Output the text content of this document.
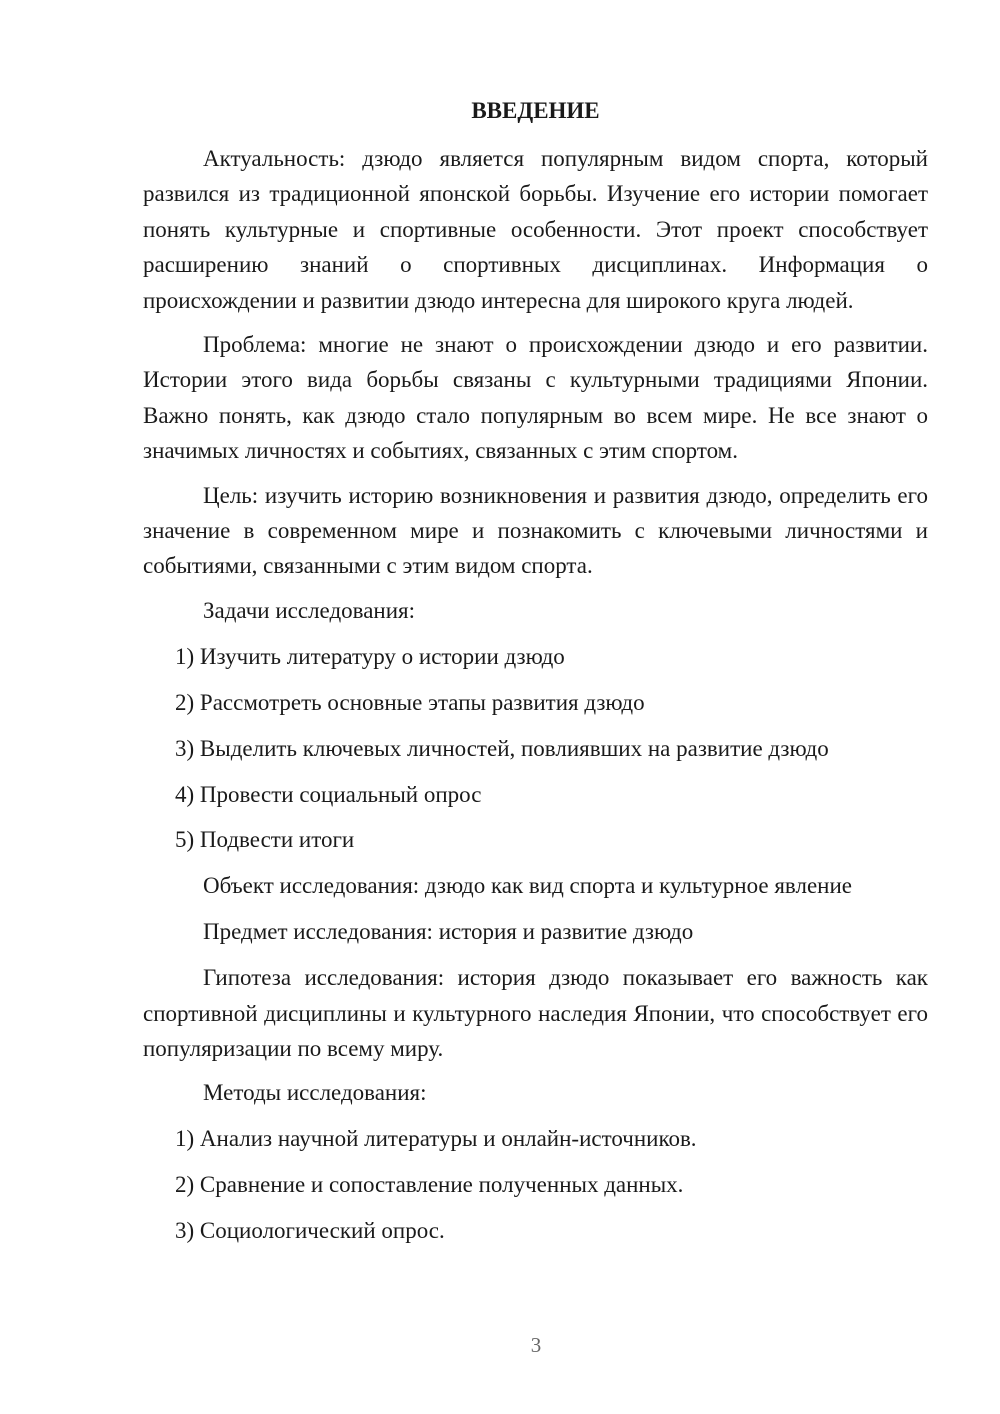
ВВЕДЕНИЕ

Актуальность: дзюдо является популярным видом спорта, который развился из традиционной японской борьбы. Изучение его истории помогает понять культурные и спортивные особенности. Этот проект способствует расширению знаний о спортивных дисциплинах. Информация о происхождении и развитии дзюдо интересна для широкого круга людей.

Проблема: многие не знают о происхождении дзюдо и его развитии. Истории этого вида борьбы связаны с культурными традициями Японии. Важно понять, как дзюдо стало популярным во всем мире. Не все знают о значимых личностях и событиях, связанных с этим спортом.

Цель: изучить историю возникновения и развития дзюдо, определить его значение в современном мире и познакомить с ключевыми личностями и событиями, связанными с этим видом спорта.

Задачи исследования:
1) Изучить литературу о истории дзюдо
2) Рассмотреть основные этапы развития дзюдо
3) Выделить ключевых личностей, повлиявших на развитие дзюдо
4) Провести социальный опрос
5) Подвести итоги
Объект исследования: дзюдо как вид спорта и культурное явление
Предмет исследования: история и развитие дзюдо

Гипотеза исследования: история дзюдо показывает его важность как спортивной дисциплины и культурного наследия Японии, что способствует его популяризации по всему миру.

Методы исследования:
1) Анализ научной литературы и онлайн-источников.
2) Сравнение и сопоставление полученных данных.
3) Социологический опрос.
3
